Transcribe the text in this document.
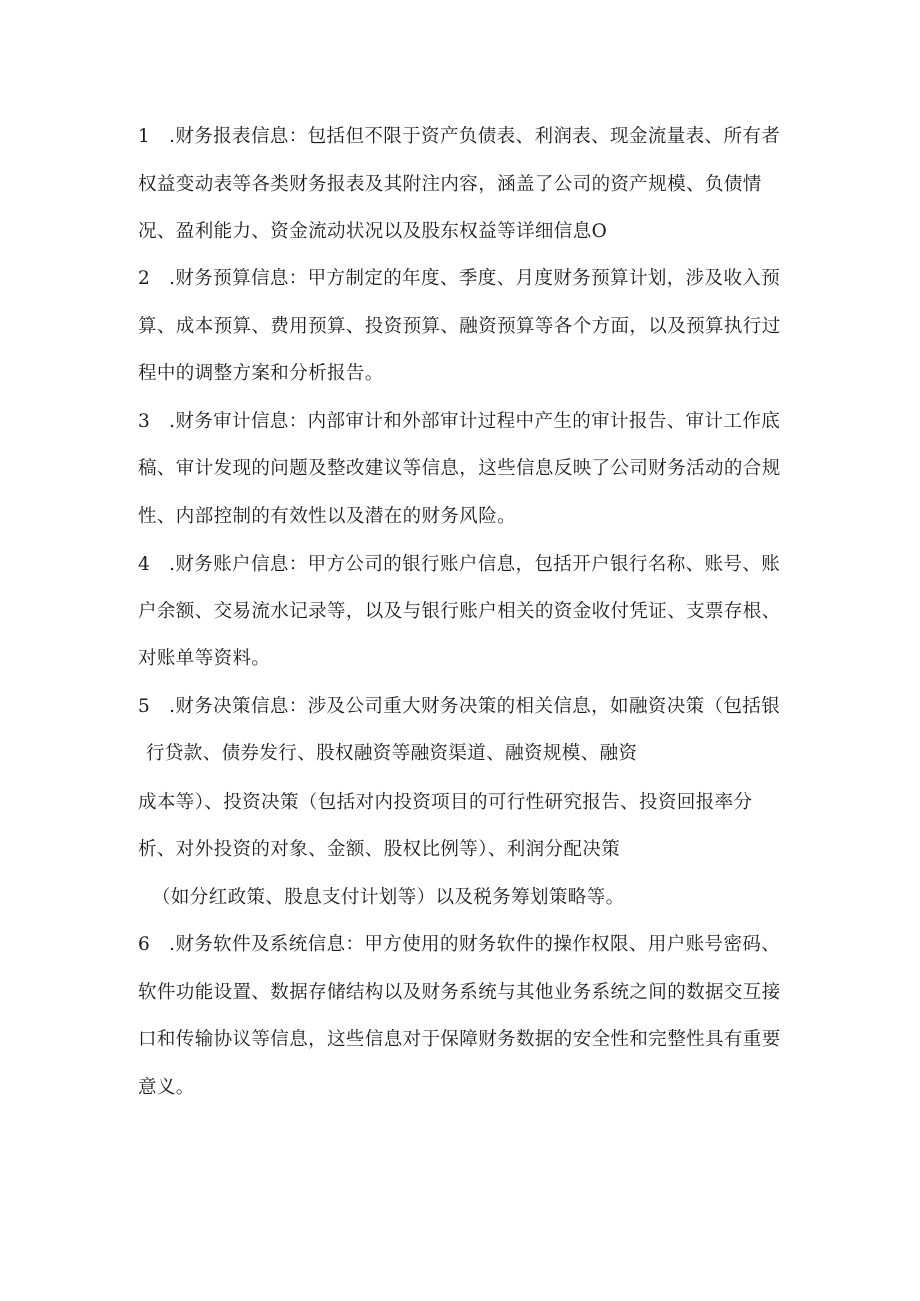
1 .财务报表信息：包括但不限于资产负债表、利润表、现金流量表、所有者
权益变动表等各类财务报表及其附注内容，涵盖了公司的资产规模、负债情
况、盈利能力、资金流动状况以及股东权益等详细信息O
2 .财务预算信息：甲方制定的年度、季度、月度财务预算计划，涉及收入预
算、成本预算、费用预算、投资预算、融资预算等各个方面，以及预算执行过
程中的调整方案和分析报告。
3 .财务审计信息：内部审计和外部审计过程中产生的审计报告、审计工作底
稿、审计发现的问题及整改建议等信息，这些信息反映了公司财务活动的合规
性、内部控制的有效性以及潜在的财务风险。
4 .财务账户信息：甲方公司的银行账户信息，包括开户银行名称、账号、账
户余额、交易流水记录等，以及与银行账户相关的资金收付凭证、支票存根、
对账单等资料。
5 .财务决策信息：涉及公司重大财务决策的相关信息，如融资决策（包括银
行贷款、债券发行、股权融资等融资渠道、融资规模、融资
成本等）、投资决策（包括对内投资项目的可行性研究报告、投资回报率分
析、对外投资的对象、金额、股权比例等）、利润分配决策
（如分红政策、股息支付计划等）以及税务筹划策略等。
6 .财务软件及系统信息：甲方使用的财务软件的操作权限、用户账号密码、
软件功能设置、数据存储结构以及财务系统与其他业务系统之间的数据交互接
口和传输协议等信息，这些信息对于保障财务数据的安全性和完整性具有重要
意义。
